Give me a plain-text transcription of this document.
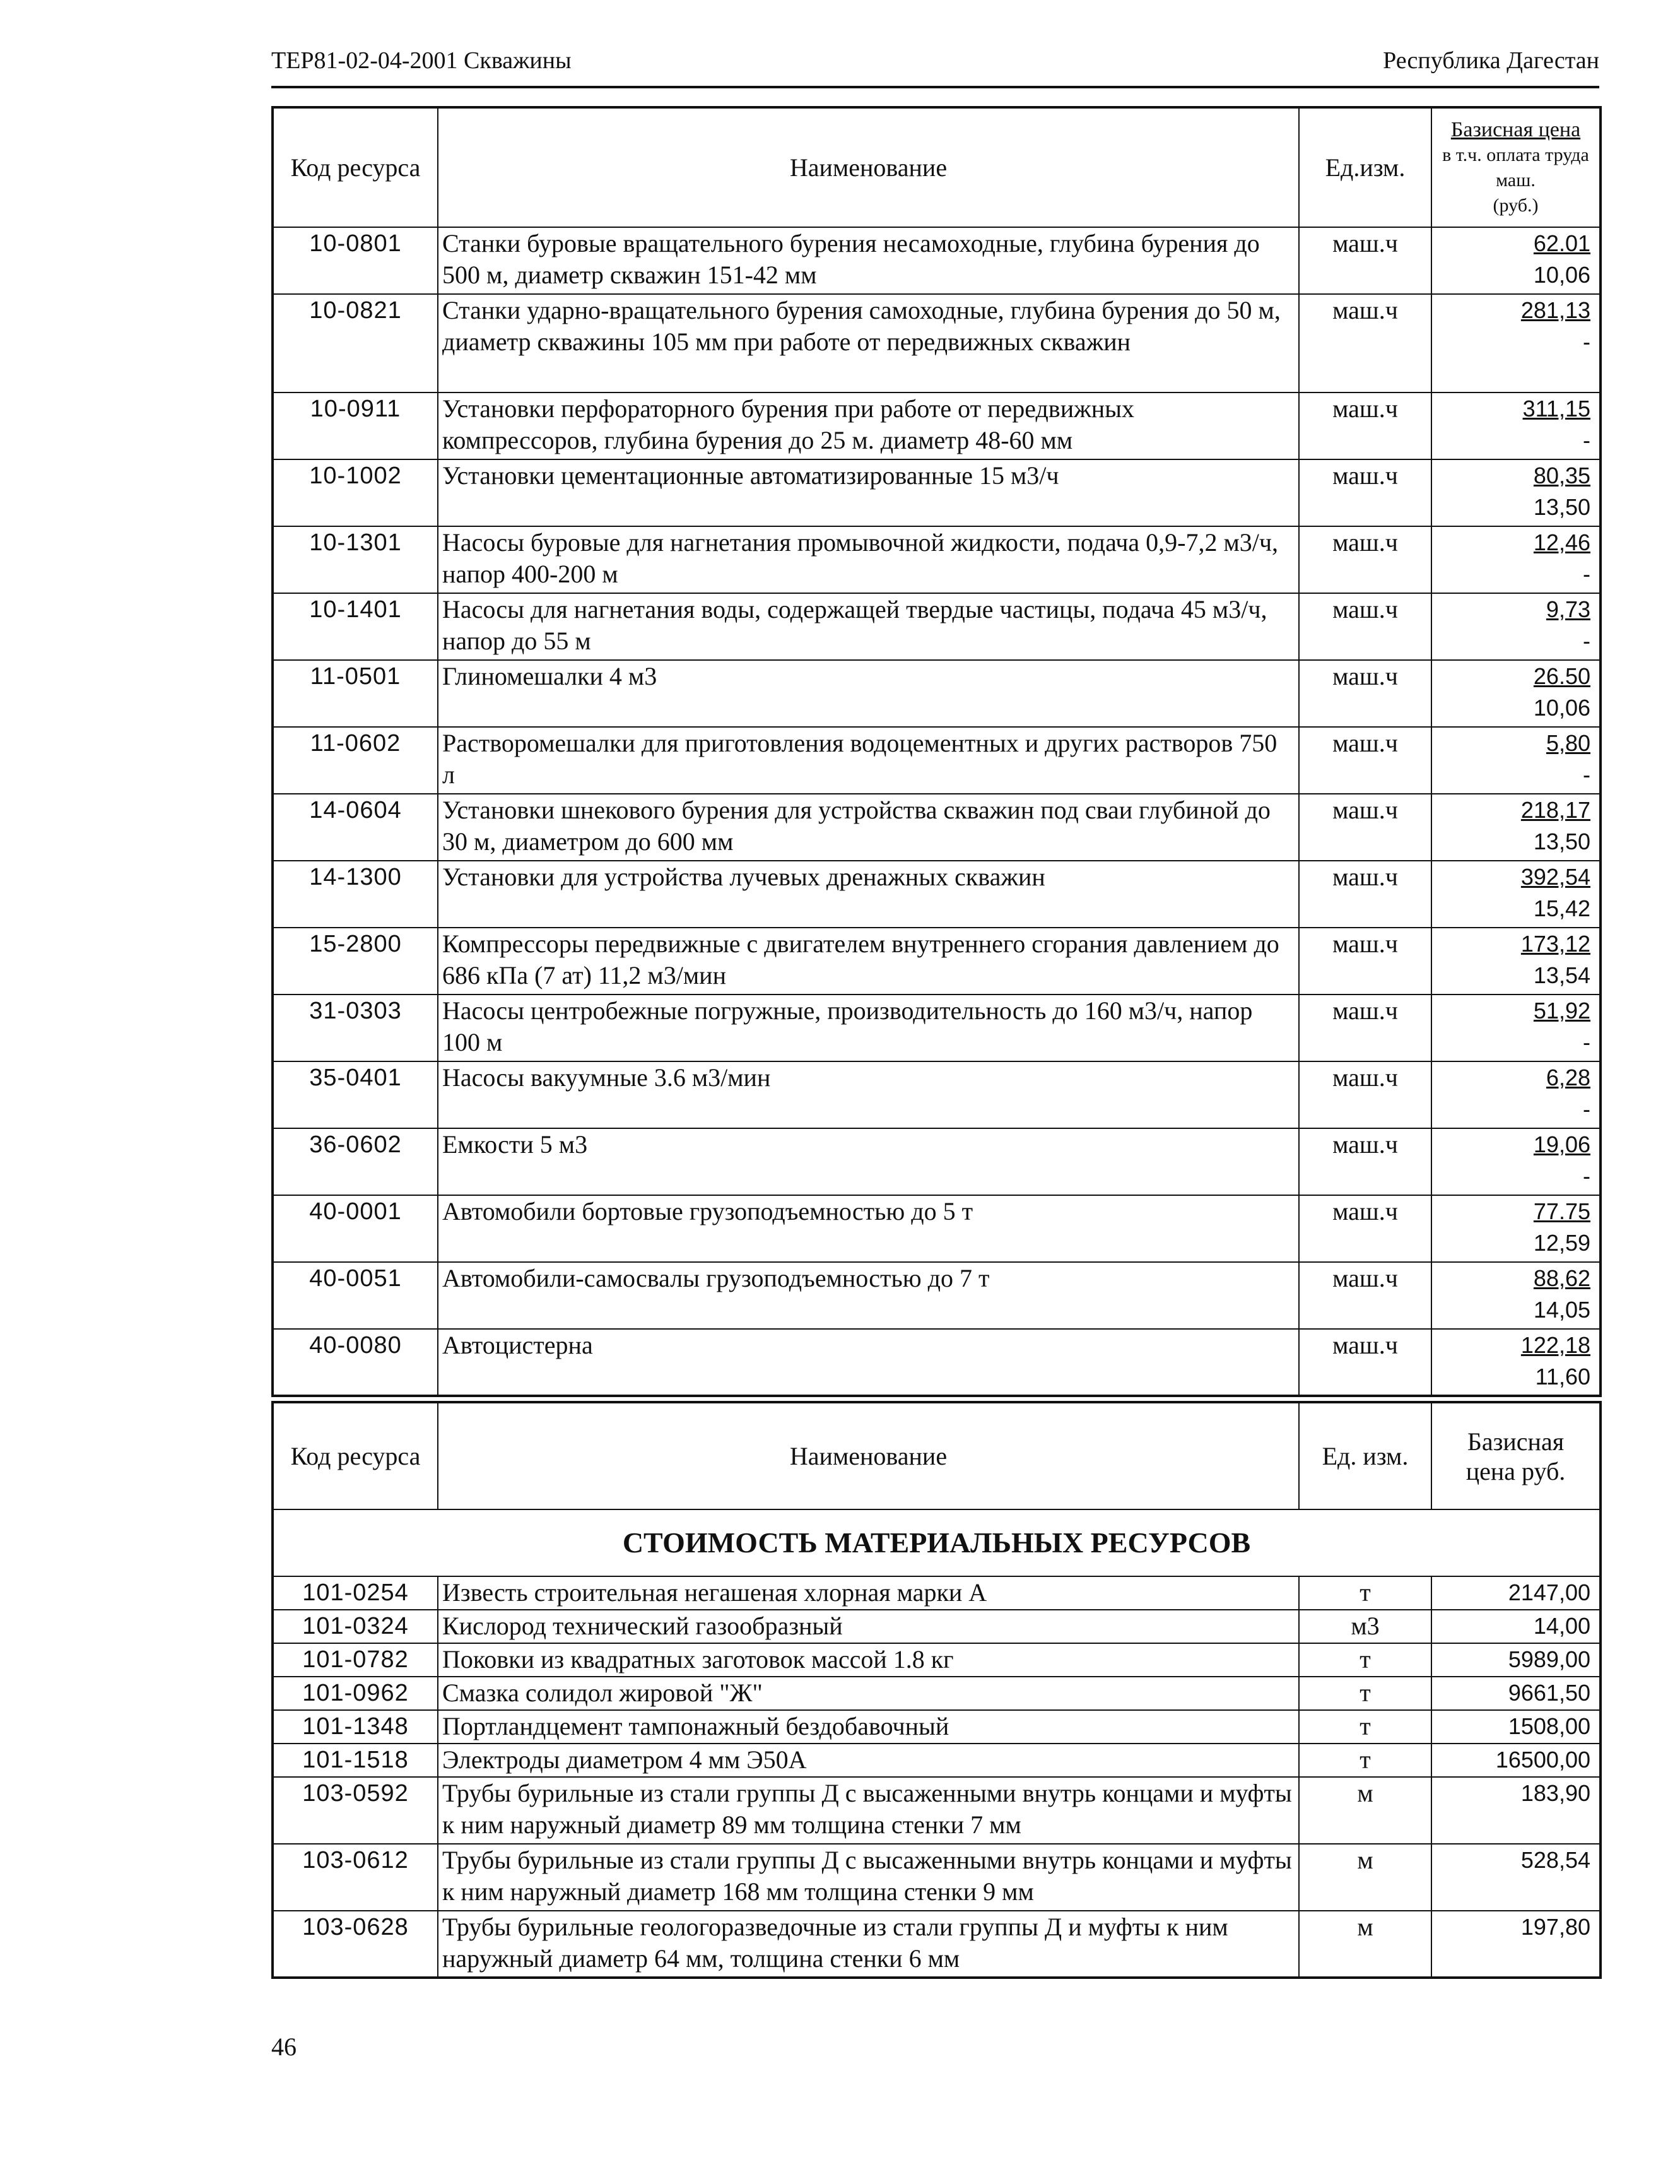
ТЕР81-02-04-2001 Скважины	Республика Дагестан
Код ресурса	Наименование	Ед.изм.	Базисная цена
в т.ч. оплата труда маш.
(руб.)

10-0801	Станки буровые вращательного бурения несамоходные, глубина бурения до 500 м, диаметр скважин 151-42 мм	маш.ч	62.01
10,06

10-0821	Станки ударно-вращательного бурения самоходные, глубина бурения до 50 м, диаметр скважины 105 мм при работе от передвижных скважин	маш.ч	281,13
-

10-0911	Установки перфораторного бурения при работе от передвижных компрессоров, глубина бурения до 25 м. диаметр 48-60 мм	маш.ч	311,15
-

10-1002	Установки цементационные автоматизированные 15 м3/ч	маш.ч	80,35
13,50

10-1301	Насосы буровые для нагнетания промывочной жидкости, подача 0,9-7,2 м3/ч, напор 400-200 м	маш.ч	12,46
-

10-1401	Насосы для нагнетания воды, содержащей твердые частицы, подача 45 м3/ч, напор до 55 м	маш.ч	9,73
-

11-0501	Глиномешалки 4 м3	маш.ч	26.50
10,06

11-0602	Растворомешалки для приготовления водоцементных и других растворов 750 л	маш.ч	5,80
-

14-0604	Установки шнекового бурения для устройства скважин под сваи глубиной до 30 м, диаметром до 600 мм	маш.ч	218,17
13,50

14-1300	Установки для устройства лучевых дренажных скважин	маш.ч	392,54
15,42

15-2800	Компрессоры передвижные с двигателем внутреннего сгорания давлением до 686 кПа (7 ат) 11,2 м3/мин	маш.ч	173,12
13,54

31-0303	Насосы центробежные погружные, производительность до 160 м3/ч, напор 100 м	маш.ч	51,92
-

35-0401	Насосы вакуумные 3.6 м3/мин	маш.ч	6,28
-

36-0602	Емкости 5 м3	маш.ч	19,06
-

40-0001	Автомобили бортовые грузоподъемностью до 5 т	маш.ч	77.75
12,59

40-0051	Автомобили-самосвалы грузоподъемностью до 7 т	маш.ч	88,62
14,05

40-0080	Автоцистерна	маш.ч	122,18
11,60
Код ресурса	Наименование	Ед. изм.	Базисная цена руб.
СТОИМОСТЬ МАТЕРИАЛЬНЫХ РЕСУРСОВ			
101-0254	Известь строительная негашеная хлорная марки А	т	2147,00
101-0324	Кислород технический газообразный	м3	14,00
101-0782	Поковки из квадратных заготовок массой 1.8 кг	т	5989,00
101-0962	Смазка солидол жировой "Ж"	т	9661,50
101-1348	Портландцемент тампонажный бездобавочный	т	1508,00
101-1518	Электроды диаметром 4 мм Э50А	т	16500,00
103-0592	Трубы бурильные из стали группы Д с высаженными внутрь концами и муфты к ним наружный диаметр 89 мм толщина стенки 7 мм	м	183,90
103-0612	Трубы бурильные из стали группы Д с высаженными внутрь концами и муфты к ним наружный диаметр 168 мм толщина стенки 9 мм	м	528,54
103-0628	Трубы бурильные геологоразведочные из стали группы Д и муфты к ним наружный диаметр 64 мм, толщина стенки 6 мм	м	197,80
46
